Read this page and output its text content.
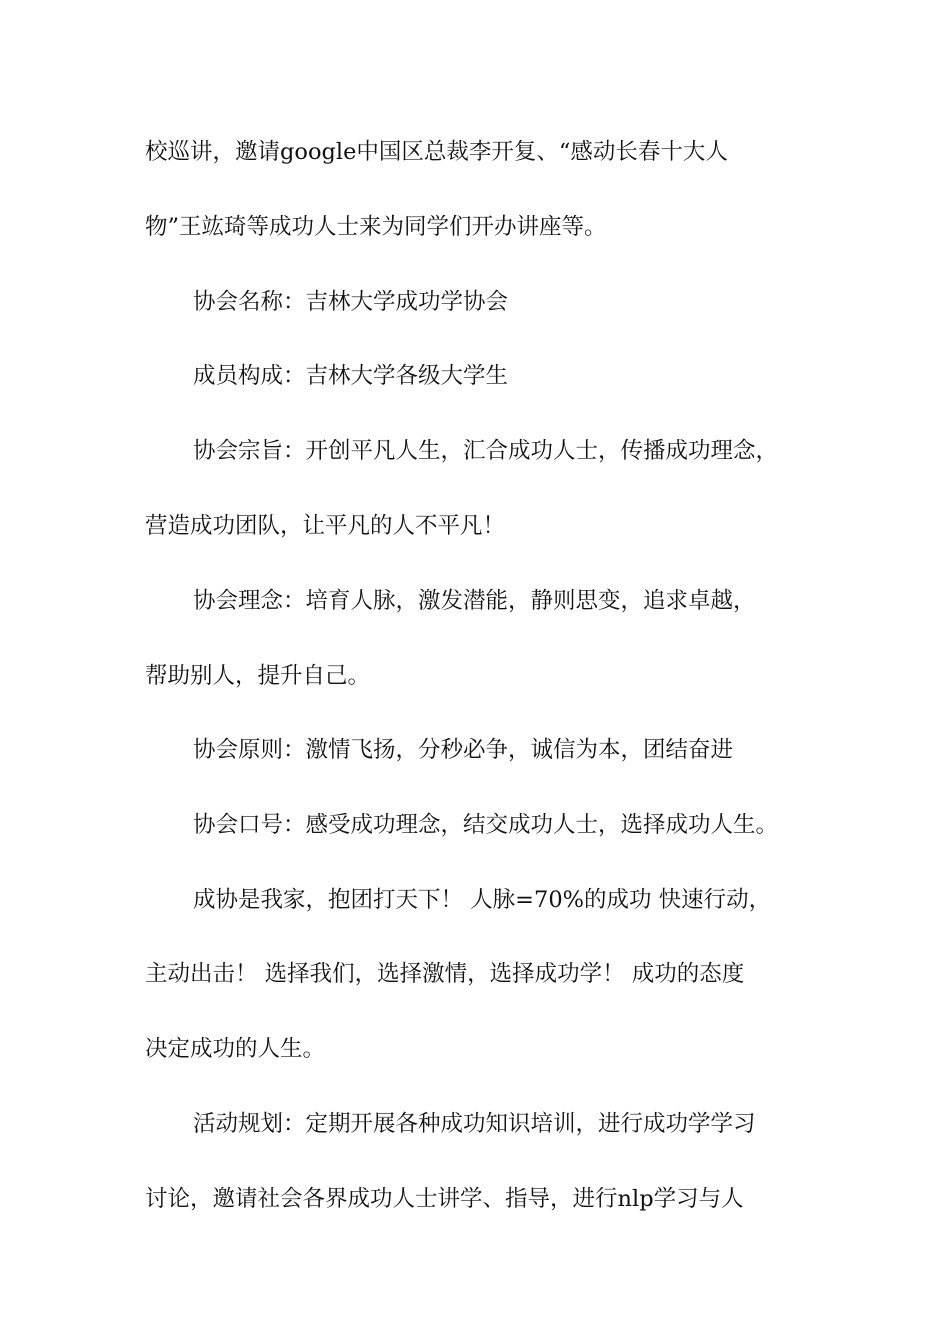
校巡讲，邀请google中国区总裁李开复、“感动长春十大人
物”王竑琦等成功人士来为同学们开办讲座等。
协会名称：吉林大学成功学协会
成员构成：吉林大学各级大学生
协会宗旨：开创平凡人生，汇合成功人士，传播成功理念，
营造成功团队，让平凡的人不平凡！
协会理念：培育人脉，激发潜能，静则思变，追求卓越，
帮助别人，提升自己。
协会原则：激情飞扬，分秒必争，诚信为本，团结奋进
协会口号：感受成功理念，结交成功人士，选择成功人生。
成协是我家，抱团打天下！ 人脉=70%的成功 快速行动，
主动出击！ 选择我们，选择激情，选择成功学！ 成功的态度
决定成功的人生。
活动规划：定期开展各种成功知识培训，进行成功学学习
讨论，邀请社会各界成功人士讲学、指导，进行nlp学习与人
